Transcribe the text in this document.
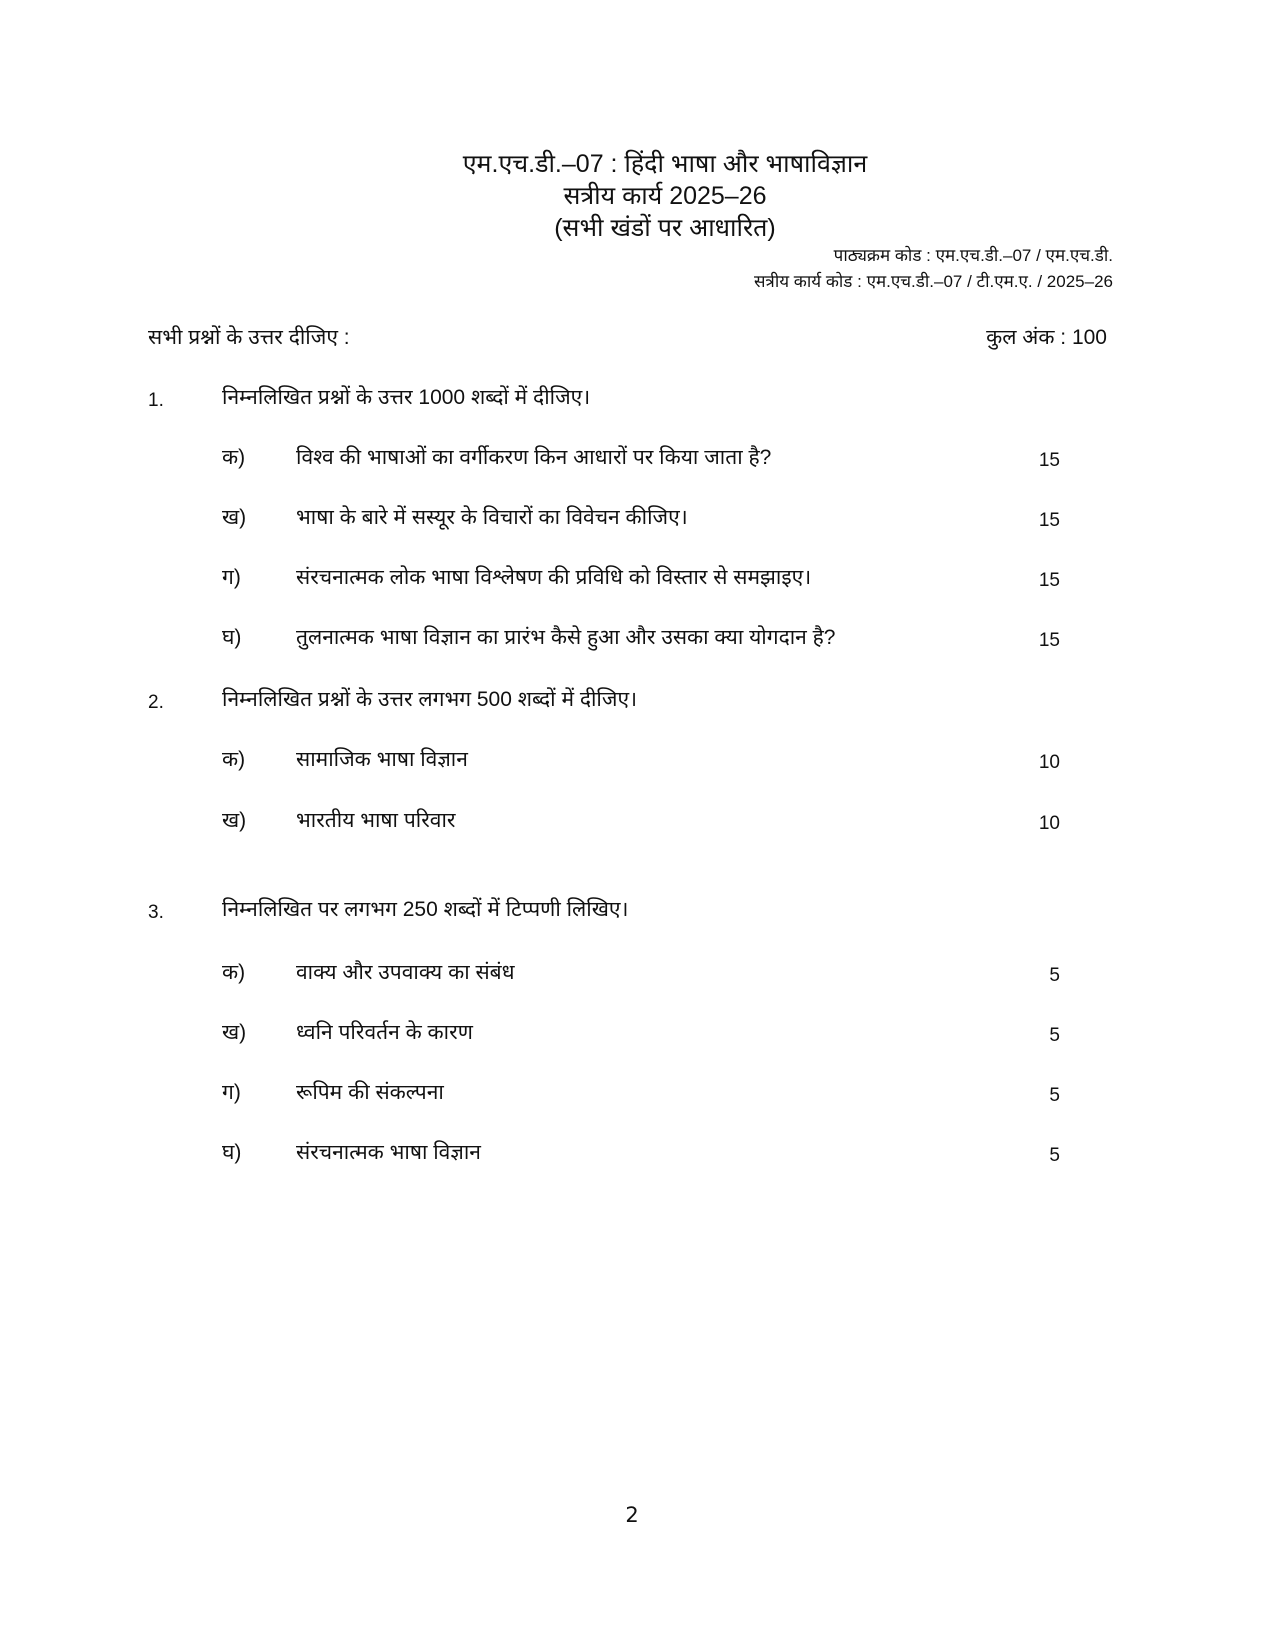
एम.एच.डी.–07 : हिंदी भाषा और भाषाविज्ञान
सत्रीय कार्य 2025–26
(सभी खंडों पर आधारित)
पाठ्यक्रम कोड : एम.एच.डी.–07 / एम.एच.डी.
सत्रीय कार्य कोड : एम.एच.डी.–07 / टी.एम.ए. / 2025–26
सभी प्रश्नों के उत्तर दीजिए :	कुल अंक : 100
1.	निम्नलिखित प्रश्नों के उत्तर 1000 शब्दों में दीजिए।
क) विश्व की भाषाओं का वर्गीकरण किन आधारों पर किया जाता है?	15
ख) भाषा के बारे में सस्यूर के विचारों का विवेचन कीजिए।	15
ग)	संरचनात्मक लोक भाषा विश्लेषण की प्रविधि को विस्तार से समझाइए।	15
घ)	तुलनात्मक भाषा विज्ञान का प्रारंभ कैसे हुआ और उसका क्या योगदान है?	15
2.	निम्नलिखित प्रश्नों के उत्तर लगभग 500 शब्दों में दीजिए।
क) सामाजिक भाषा विज्ञान	10
ख) भारतीय भाषा परिवार	10
3.	निम्नलिखित पर लगभग 250 शब्दों में टिप्पणी लिखिए।
क) वाक्य और उपवाक्य का संबंध	5
ख) ध्वनि परिवर्तन के कारण	5
ग)	रूपिम की संकल्पना	5
घ)	संरचनात्मक भाषा विज्ञान	5
2
